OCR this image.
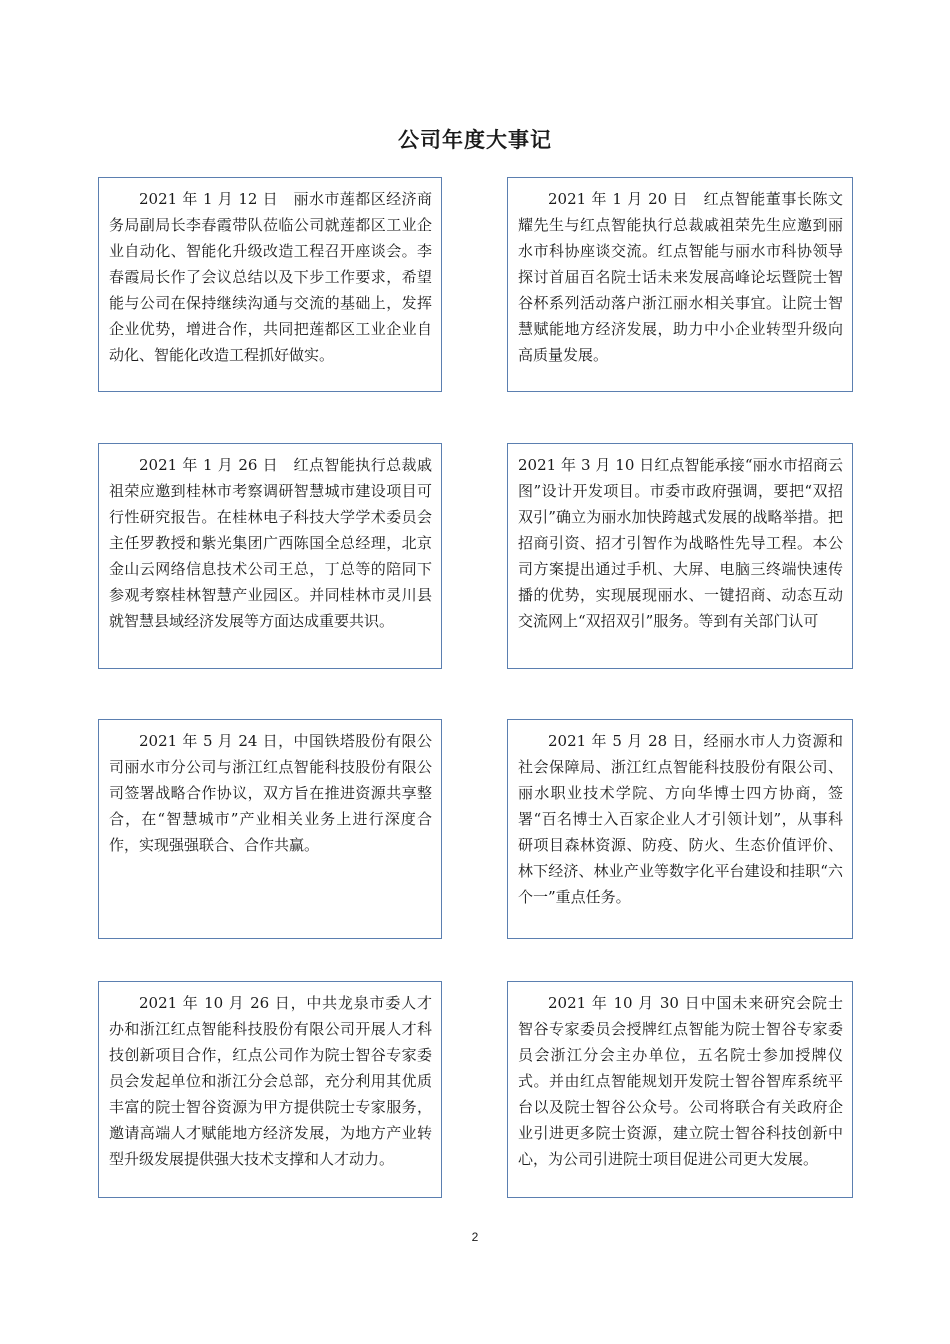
公司年度大事记

2021 年 1 月 12 日　丽水市莲都区经济商务局副局长李春霞带队莅临公司就莲都区工业企业自动化、智能化升级改造工程召开座谈会。李春霞局长作了会议总结以及下步工作要求，希望能与公司在保持继续沟通与交流的基础上，发挥企业优势，增进合作，共同把莲都区工业企业自动化、智能化改造工程抓好做实。

2021 年 1 月 20 日　红点智能董事长陈文耀先生与红点智能执行总裁戚祖荣先生应邀到丽水市科协座谈交流。红点智能与丽水市科协领导探讨首届百名院士话未来发展高峰论坛暨院士智谷杯系列活动落户浙江丽水相关事宜。让院士智慧赋能地方经济发展，助力中小企业转型升级向高质量发展。

2021 年 1 月 26 日　红点智能执行总裁戚祖荣应邀到桂林市考察调研智慧城市建设项目可行性研究报告。在桂林电子科技大学学术委员会主任罗教授和紫光集团广西陈国全总经理，北京金山云网络信息技术公司王总，丁总等的陪同下参观考察桂林智慧产业园区。并同桂林市灵川县就智慧县域经济发展等方面达成重要共识。

2021 年 3 月 10 日红点智能承接“丽水市招商云图”设计开发项目。市委市政府强调，要把“双招双引”确立为丽水加快跨越式发展的战略举措。把招商引资、招才引智作为战略性先导工程。本公司方案提出通过手机、大屏、电脑三终端快速传播的优势，实现展现丽水、一键招商、动态互动交流网上“双招双引”服务。等到有关部门认可

2021 年 5 月 24 日，中国铁塔股份有限公司丽水市分公司与浙江红点智能科技股份有限公司签署战略合作协议，双方旨在推进资源共享整合，在“智慧城市”产业相关业务上进行深度合作，实现强强联合、合作共赢。

2021 年 5 月 28 日，经丽水市人力资源和社会保障局、浙江红点智能科技股份有限公司、丽水职业技术学院、方向华博士四方协商，签署“百名博士入百家企业人才引领计划”，从事科研项目森林资源、防疫、防火、生态价值评价、林下经济、林业产业等数字化平台建设和挂职“六个一”重点任务。

2021 年 10 月 26 日，中共龙泉市委人才办和浙江红点智能科技股份有限公司开展人才科技创新项目合作，红点公司作为院士智谷专家委员会发起单位和浙江分会总部，充分利用其优质丰富的院士智谷资源为甲方提供院士专家服务，邀请高端人才赋能地方经济发展，为地方产业转型升级发展提供强大技术支撑和人才动力。

2021 年 10 月 30 日中国未来研究会院士智谷专家委员会授牌红点智能为院士智谷专家委员会浙江分会主办单位，五名院士参加授牌仪式。并由红点智能规划开发院士智谷智库系统平台以及院士智谷公众号。公司将联合有关政府企业引进更多院士资源，建立院士智谷科技创新中心，为公司引进院士项目促进公司更大发展。

2
